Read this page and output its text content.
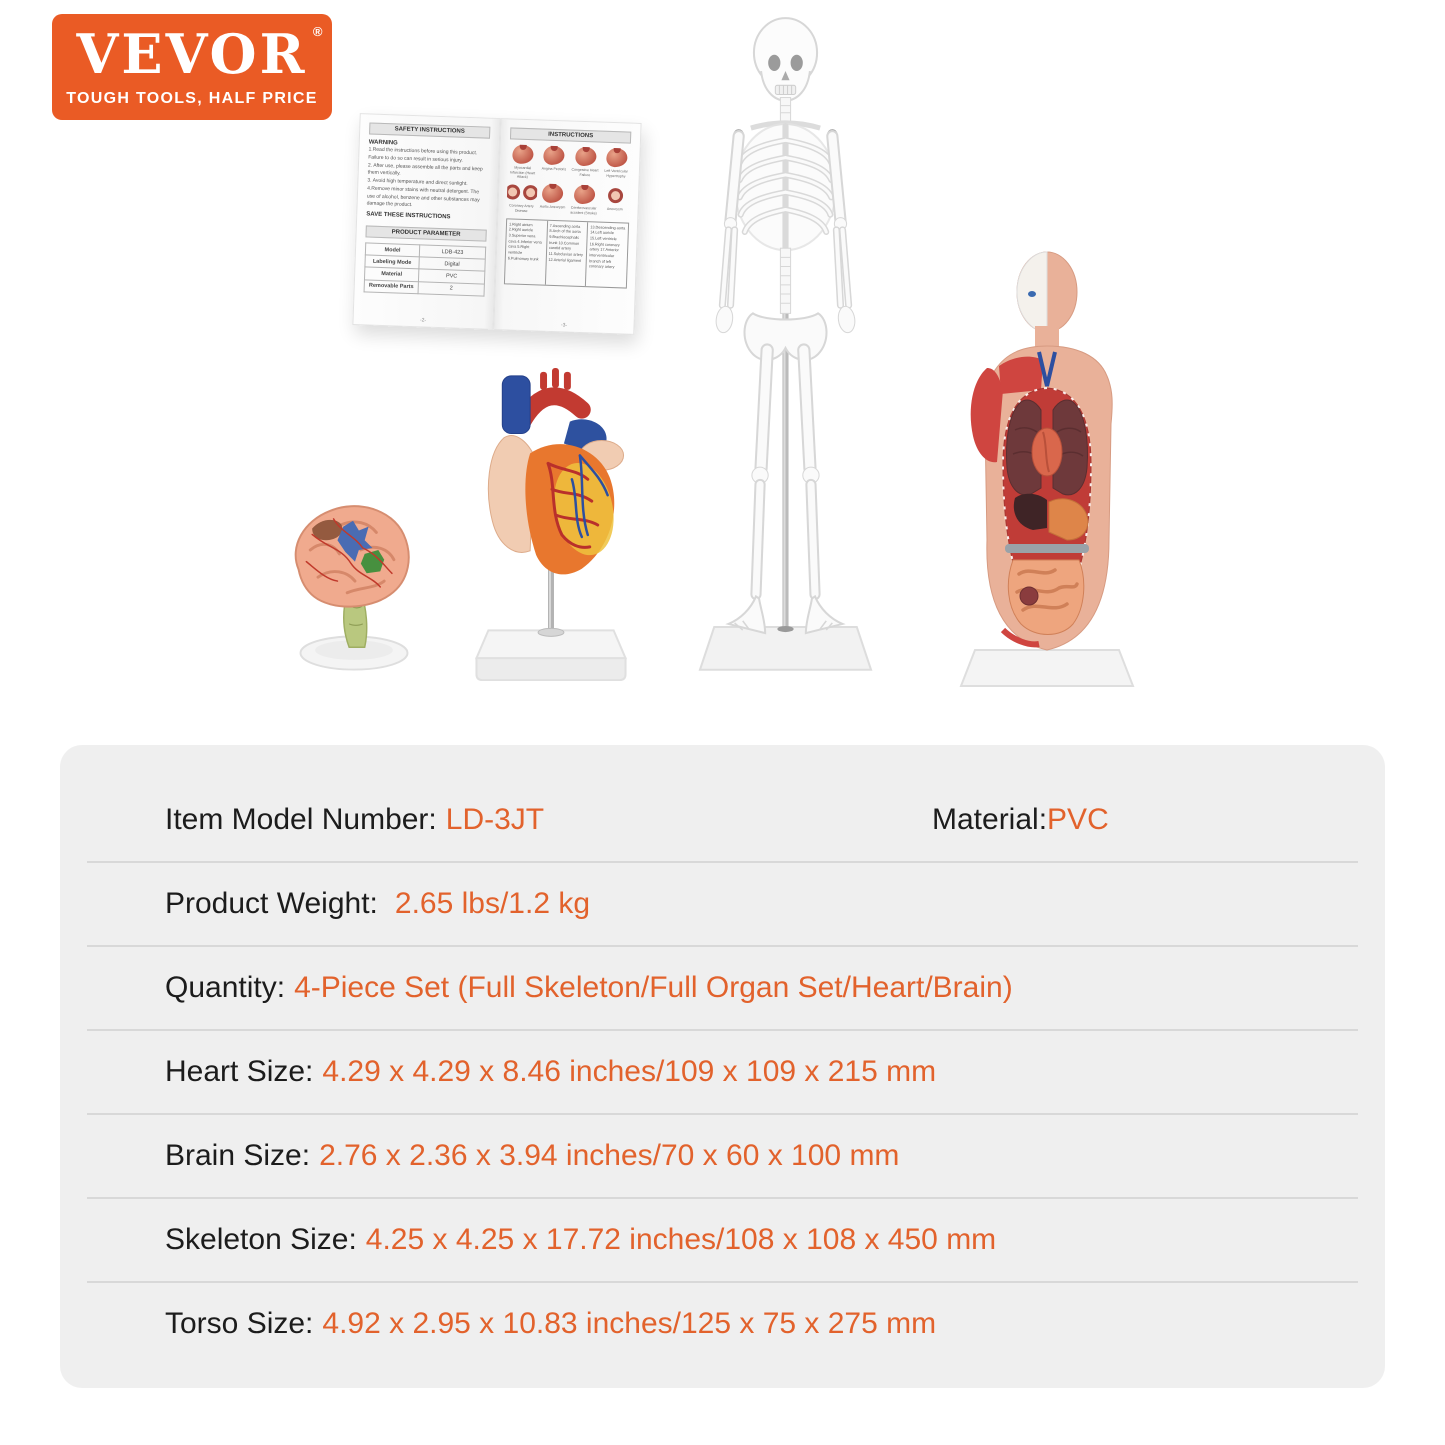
VEVOR ®
TOUGH TOOLS, HALF PRICE
SAFETY INSTRUCTIONS
WARNING
1.Read the instructions before using this product. Failure to do so can result in serious injury.
2. After use, please assemble all the parts and keep them vertically.
3. Avoid high temperature and direct sunlight.
4.Remove minor stains with neutral detergent. The use of alcohol, benzene and other substances may damage the product.
SAVE THESE INSTRUCTIONS
PRODUCT PARAMETER
Model	LDB-423
Labeling Mode	Digital
Material	PVC
Removable Parts	2
-2-
INSTRUCTIONS
Myocardial Infarction (Heart Attack)
Angina Pectoris	Congestive Heart Failure
Left Ventricular Hypertrophy
Coronary Artery Disease
Aortic Aneurysm	Cerebrovascular accident (Stroke)
Aneurysm
1.Right atrium 2.Right auricle 3.Superior vena cava 4.Inferior vena cava 5.Right ventricle 6.Pulmonary trunk
7.Ascending aorta 8.Arch of the aorta 9.Brachiocephalic trunk 10.Common carotid artery 11.Subclavian artery 12.Arterial ligament
13.Descending aorta 14.Left auricle 15.Left ventricle 16.Right coronary artery 17.Anterior interventricular branch of left coronary artery
-3-
Item Model Number: LD-3JT	Material: PVC
Product Weight: 2.65 lbs/1.2 kg
Quantity: 4-Piece Set (Full Skeleton/Full Organ Set/Heart/Brain)
Heart Size: 4.29 x 4.29 x 8.46 inches/109 x 109 x 215 mm
Brain Size: 2.76 x 2.36 x 3.94 inches/70 x 60 x 100 mm
Skeleton Size: 4.25 x 4.25 x 17.72 inches/108 x 108 x 450 mm
Torso Size: 4.92 x 2.95 x 10.83 inches/125 x 75 x 275 mm
